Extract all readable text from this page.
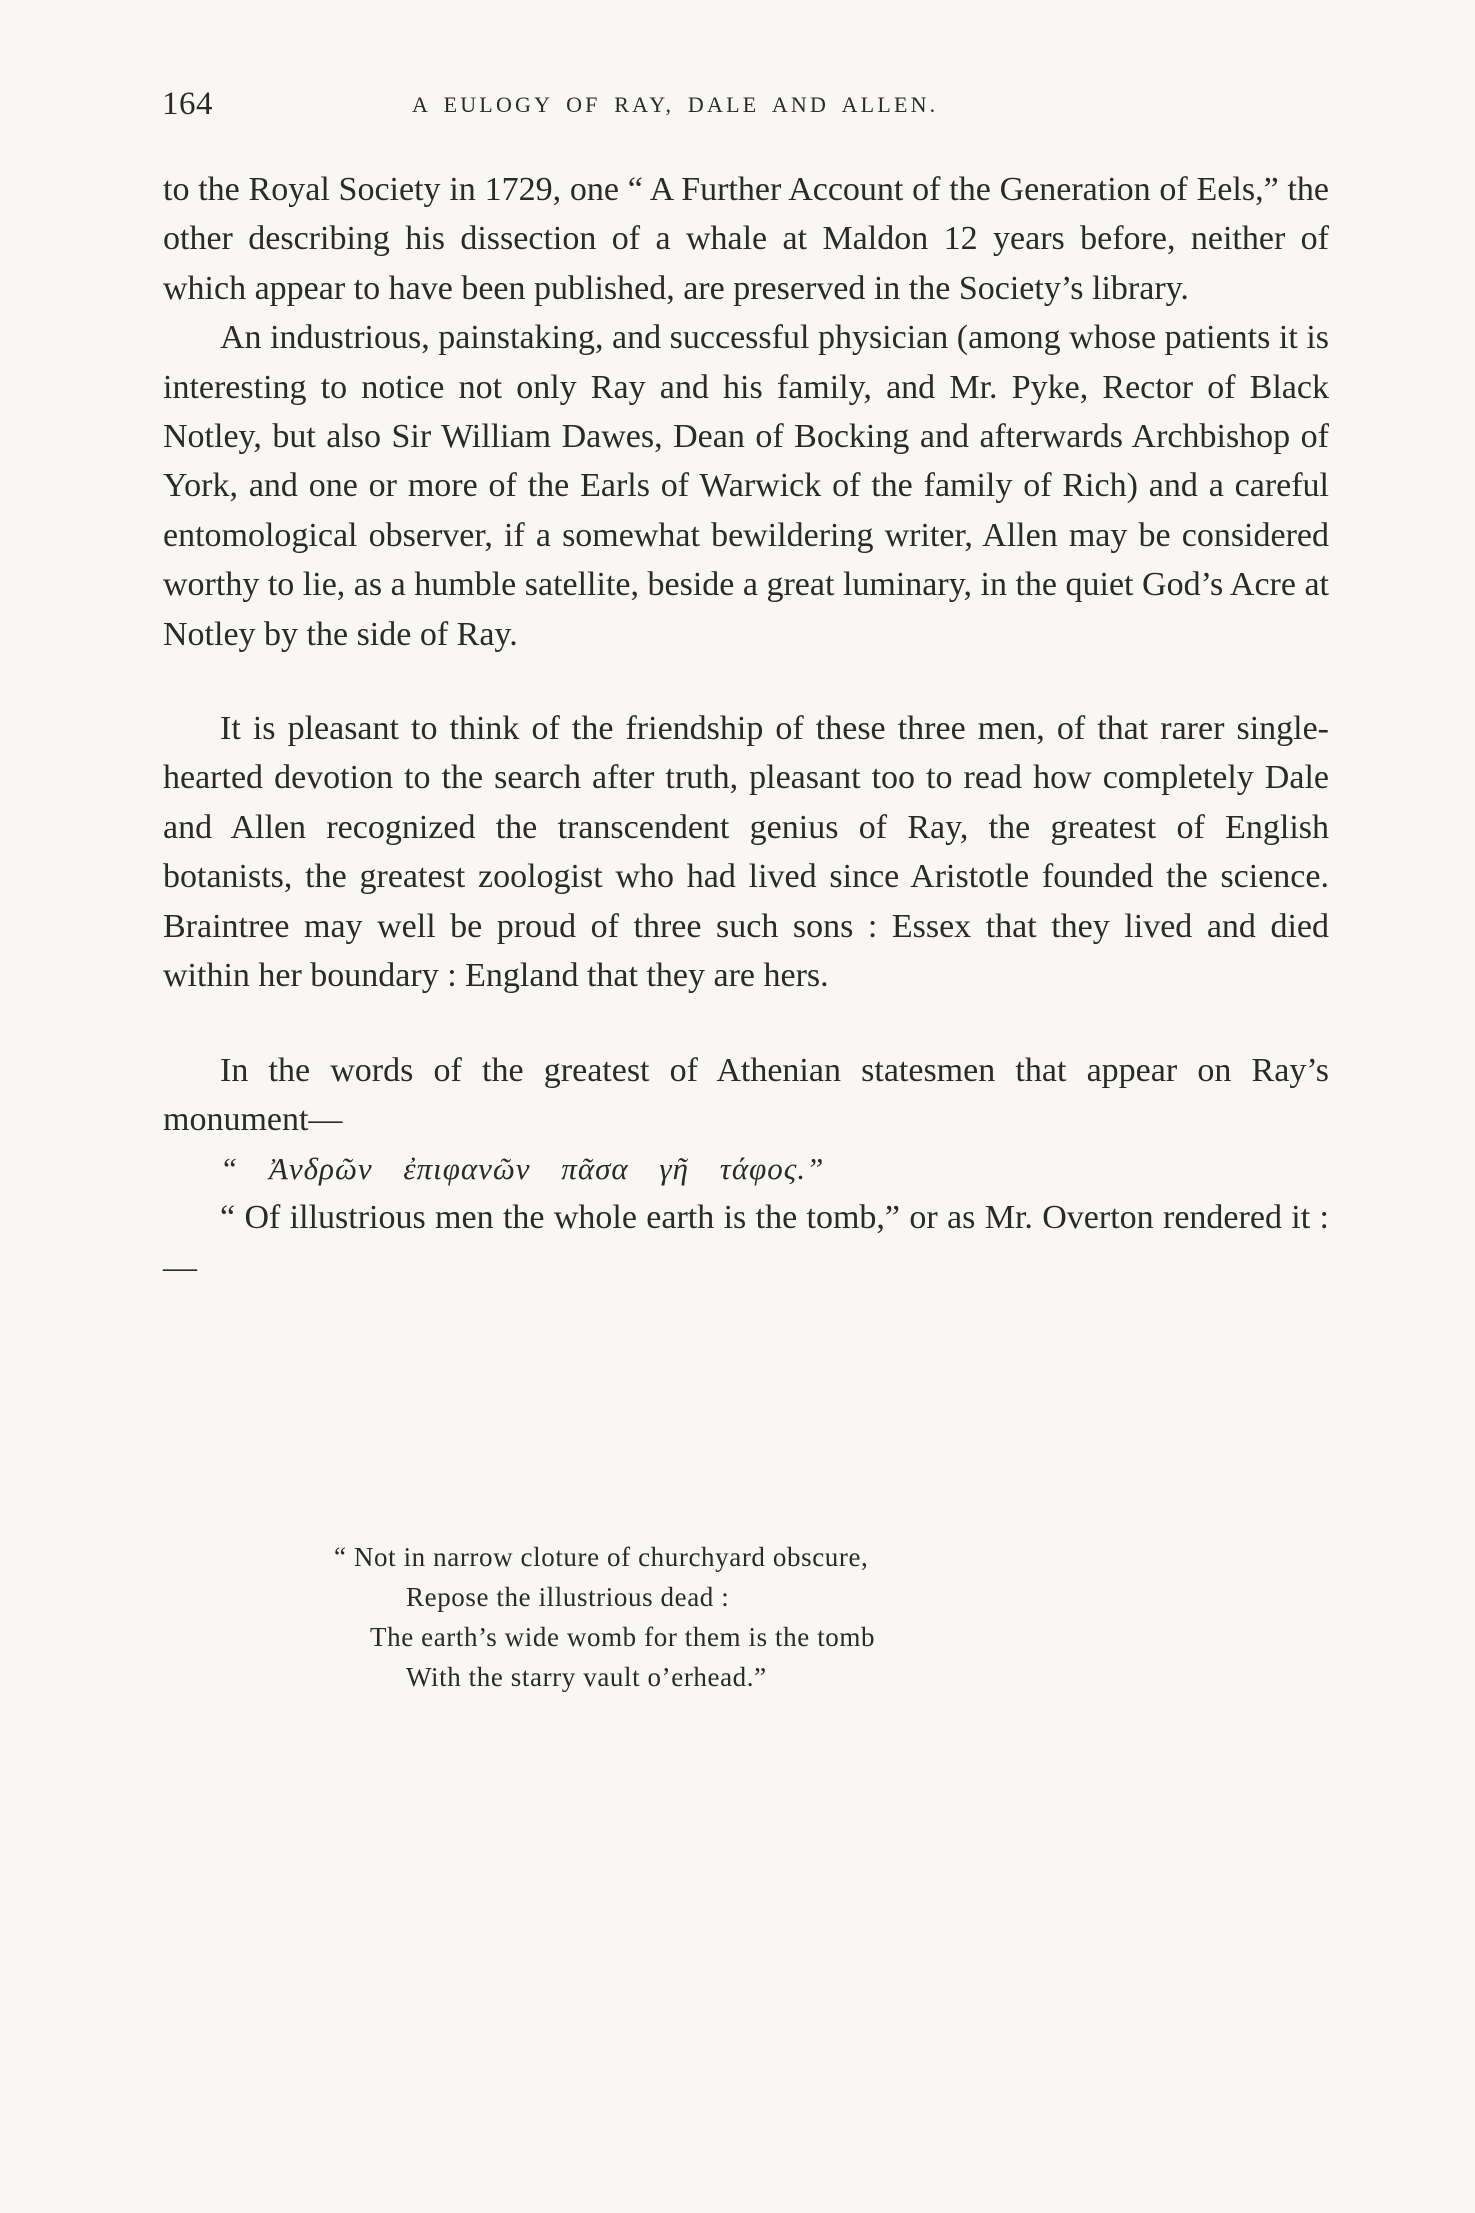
164	A EULOGY OF RAY, DALE AND ALLEN.

to the Royal Society in 1729, one “ A Further Account of the Generation of Eels,” the other describing his dissection of a whale at Maldon 12 years before, neither of which appear to have been published, are preserved in the Society’s library.

An industrious, painstaking, and successful physician (among whose patients it is interesting to notice not only Ray and his family, and Mr. Pyke, Rector of Black Notley, but also Sir William Dawes, Dean of Bocking and afterwards Archbishop of York, and one or more of the Earls of Warwick of the family of Rich) and a careful entomological observer, if a somewhat bewildering writer, Allen may be considered worthy to lie, as a humble satellite, beside a great luminary, in the quiet God’s Acre at Notley by the side of Ray.

It is pleasant to think of the friendship of these three men, of that rarer single-hearted devotion to the search after truth, pleasant too to read how completely Dale and Allen recognized the transcendent genius of Ray, the greatest of English botanists, the greatest zoologist who had lived since Aristotle founded the science. Braintree may well be proud of three such sons : Essex that they lived and died within her boundary : England that they are hers.

In the words of the greatest of Athenian statesmen that appear on Ray’s monument—

“ Ἀνδρῶν ἐπιφανῶν πᾶσα γῆ τάφος.”

“ Of illustrious men the whole earth is the tomb,” or as Mr. Overton rendered it :—

“ Not in narrow cloture of churchyard obscure,
Repose the illustrious dead :
The earth’s wide womb for them is the tomb
With the starry vault o’erhead.”
